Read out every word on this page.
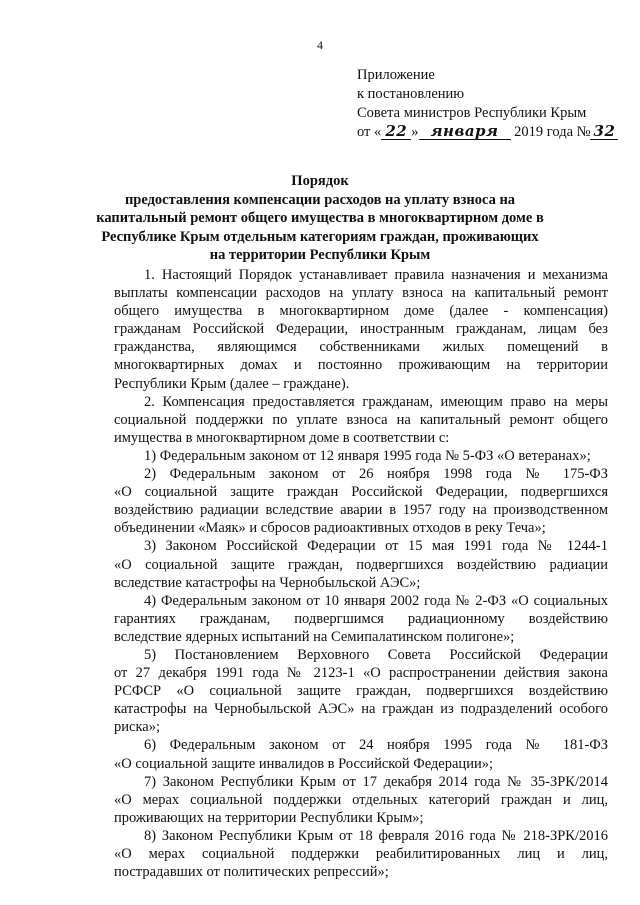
4
Приложение
к постановлению
Совета министров Республики Крым
от « 22 » января 2019 года № 32
Порядок
предоставления компенсации расходов на уплату взноса на
капитальный ремонт общего имущества в многоквартирном доме в
Республике Крым отдельным категориям граждан, проживающих
на территории Республики Крым
1. Настоящий Порядок устанавливает правила назначения и механизма
выплаты компенсации расходов на уплату взноса на капитальный ремонт
общего имущества в многоквартирном доме (далее - компенсация)
гражданам Российской Федерации, иностранным гражданам, лицам без
гражданства, являющимся собственниками жилых помещений в
многоквартирных домах и постоянно проживающим на территории
Республики Крым (далее – граждане).
2. Компенсация предоставляется гражданам, имеющим право на меры
социальной поддержки по уплате взноса на капитальный ремонт общего
имущества в многоквартирном доме в соответствии с:
1) Федеральным законом от 12 января 1995 года № 5-ФЗ «О ветеранах»;
2) Федеральным законом от 26 ноября 1998 года № 175-ФЗ
«О социальной защите граждан Российской Федерации, подвергшихся
воздействию радиации вследствие аварии в 1957 году на производственном
объединении «Маяк» и сбросов радиоактивных отходов в реку Теча»;
3) Законом Российской Федерации от 15 мая 1991 года № 1244-1
«О социальной защите граждан, подвергшихся воздействию радиации
вследствие катастрофы на Чернобыльской АЭС»;
4) Федеральным законом от 10 января 2002 года № 2-ФЗ «О социальных
гарантиях гражданам, подвергшимся радиационному воздействию
вследствие ядерных испытаний на Семипалатинском полигоне»;
5) Постановлением Верховного Совета Российской Федерации
от 27 декабря 1991 года № 2123-1 «О распространении действия закона
РСФСР «О социальной защите граждан, подвергшихся воздействию
катастрофы на Чернобыльской АЭС» на граждан из подразделений особого
риска»;
6) Федеральным законом от 24 ноября 1995 года № 181-ФЗ
«О социальной защите инвалидов в Российской Федерации»;
7) Законом Республики Крым от 17 декабря 2014 года № 35-ЗРК/2014
«О мерах социальной поддержки отдельных категорий граждан и лиц,
проживающих на территории Республики Крым»;
8) Законом Республики Крым от 18 февраля 2016 года № 218-ЗРК/2016
«О мерах социальной поддержки реабилитированных лиц и лиц,
пострадавших от политических репрессий»;
